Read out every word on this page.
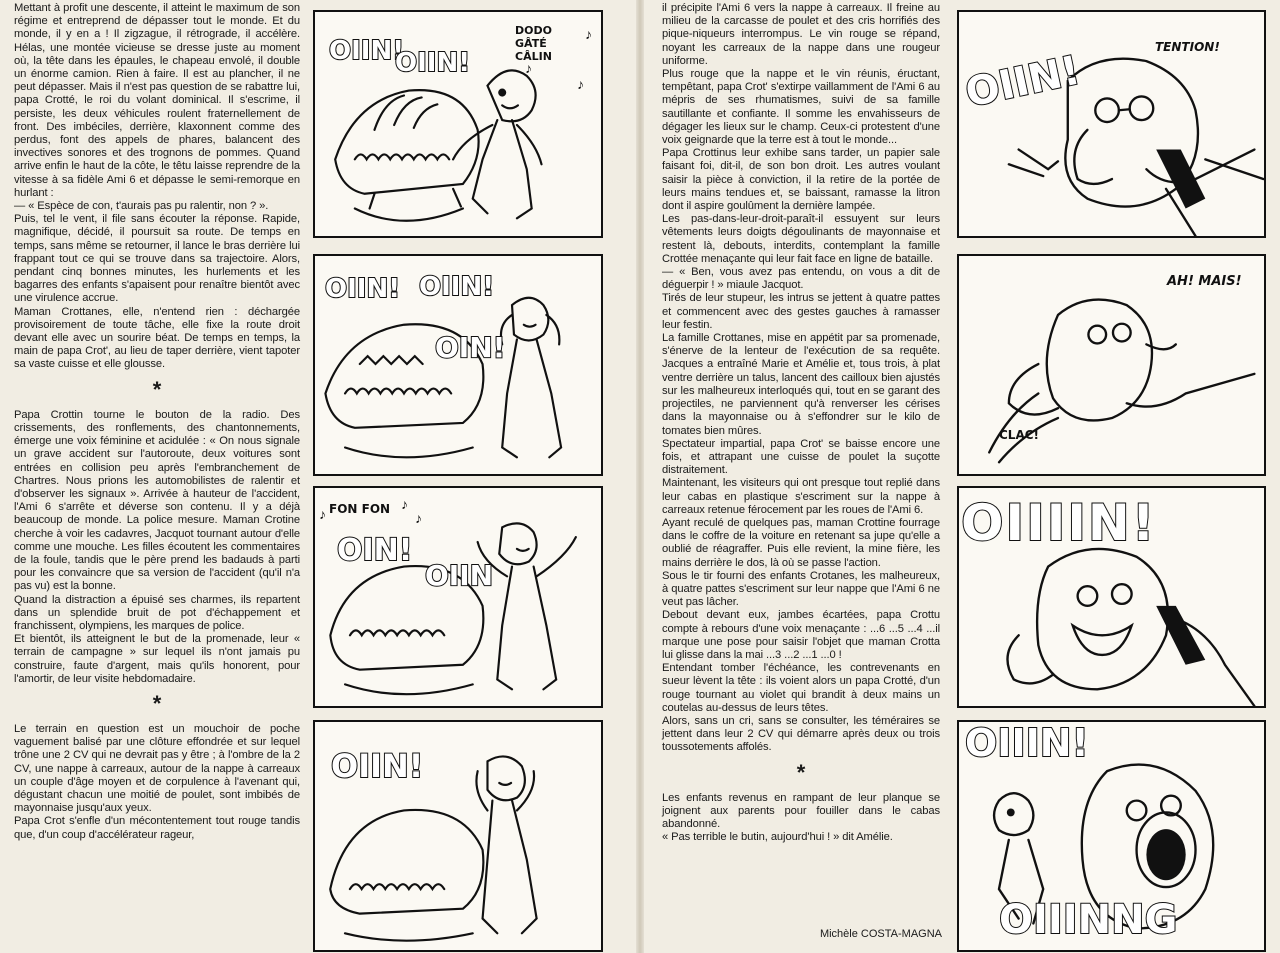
Mettant à profit une descente, il atteint le maximum de son régime et entreprend de dépasser tout le monde. Et du monde, il y en a ! Il zigzague, il rétrograde, il accélère. Hélas, une montée vicieuse se dresse juste au moment où, la tête dans les épaules, le chapeau envolé, il double un énorme camion. Rien à faire. Il est au plancher, il ne peut dépasser. Mais il n'est pas question de se rabattre lui, papa Crotté, le roi du volant dominical. Il s'escrime, il persiste, les deux véhicules roulent fraternellement de front. Des imbéciles, derrière, klaxonnent comme des perdus, font des appels de phares, balancent des invectives sonores et des trognons de pommes. Quand arrive enfin le haut de la côte, le têtu laisse reprendre de la vitesse à sa fidèle Ami 6 et dépasse le semi-remorque en hurlant :

— « Espèce de con, t'aurais pas pu ralentir, non ? ».

Puis, tel le vent, il file sans écouter la réponse. Rapide, magnifique, décidé, il poursuit sa route. De temps en temps, sans même se retourner, il lance le bras derrière lui frappant tout ce qui se trouve dans sa trajectoire. Alors, pendant cinq bonnes minutes, les hurlements et les bagarres des enfants s'apaisent pour renaître bientôt avec une virulence accrue.

Maman Crottanes, elle, n'entend rien : déchargée provisoirement de toute tâche, elle fixe la route droit devant elle avec un sourire béat. De temps en temps, la main de papa Crot', au lieu de taper derrière, vient tapoter sa vaste cuisse et elle glousse.

*

Papa Crottin tourne le bouton de la radio. Des crissements, des ronflements, des chantonnements, émerge une voix féminine et acidulée : « On nous signale un grave accident sur l'autoroute, deux voitures sont entrées en collision peu après l'embranchement de Chartres. Nous prions les automobilistes de ralentir et d'observer les signaux ». Arrivée à hauteur de l'accident, l'Ami 6 s'arrête et déverse son contenu. Il y a déjà beaucoup de monde. La police mesure. Maman Crotine cherche à voir les cadavres, Jacquot tournant autour d'elle comme une mouche. Les filles écoutent les commentaires de la foule, tandis que le père prend les badauds à parti pour les convaincre que sa version de l'accident (qu'il n'a pas vu) est la bonne.

Quand la distraction a épuisé ses charmes, ils repartent dans un splendide bruit de pot d'échappement et franchissent, olympiens, les marques de police.

Et bientôt, ils atteignent le but de la promenade, leur « terrain de campagne » sur lequel ils n'ont jamais pu construire, faute d'argent, mais qu'ils honorent, pour l'amortir, de leur visite hebdomadaire.

*

Le terrain en question est un mouchoir de poche vaguement balisé par une clôture effondrée et sur lequel trône une 2 CV qui ne devrait pas y être ; à l'ombre de la 2 CV, une nappe à carreaux, autour de la nappe à carreaux un couple d'âge moyen et de corpulence à l'avenant qui, dégustant chacun une moitié de poulet, sont imbibés de mayonnaise jusqu'aux yeux.

Papa Crot s'enfle d'un mécontentement tout rouge tandis que, d'un coup d'accélérateur rageur,

OIIN!
OIIN!
DODO GÂTÉ CÂLIN
♪
♪
♪
OIIN! OIIN!
OIN!
FON FON
♪
♪
♪
OIN!
OIIN
OIIN!

il précipite l'Ami 6 vers la nappe à carreaux. Il freine au milieu de la carcasse de poulet et des cris horrifiés des pique-niqueurs interrompus. Le vin rouge se répand, noyant les carreaux de la nappe dans une rougeur uniforme.

Plus rouge que la nappe et le vin réunis, éructant, tempêtant, papa Crot' s'extirpe vaillamment de l'Ami 6 au mépris de ses rhumatismes, suivi de sa famille sautillante et confiante. Il somme les envahisseurs de dégager les lieux sur le champ. Ceux-ci protestent d'une voix geignarde que la terre est à tout le monde...

Papa Crottinus leur exhibe sans tarder, un papier sale faisant foi, dit-il, de son bon droit. Les autres voulant saisir la pièce à conviction, il la retire de la portée de leurs mains tendues et, se baissant, ramasse la litron dont il aspire goulûment la dernière lampée.

Les pas-dans-leur-droit-paraît-il essuyent sur leurs vêtements leurs doigts dégoulinants de mayonnaise et restent là, debouts, interdits, contemplant la famille Crottée menaçante qui leur fait face en ligne de bataille.

— « Ben, vous avez pas entendu, on vous a dit de déguerpir ! » miaule Jacquot.

Tirés de leur stupeur, les intrus se jettent à quatre pattes et commencent avec des gestes gauches à ramasser leur festin.

La famille Crottanes, mise en appétit par sa promenade, s'énerve de la lenteur de l'exécution de sa requête. Jacques a entraîné Marie et Amélie et, tous trois, à plat ventre derrière un talus, lancent des cailloux bien ajustés sur les malheureux interloqués qui, tout en se garant des projectiles, ne parviennent qu'à renverser les cérises dans la mayonnaise ou à s'effondrer sur le kilo de tomates bien mûres.

Spectateur impartial, papa Crot' se baisse encore une fois, et attrapant une cuisse de poulet la suçotte distraitement.

Maintenant, les visiteurs qui ont presque tout replié dans leur cabas en plastique s'escriment sur la nappe à carreaux retenue férocement par les roues de l'Ami 6.

Ayant reculé de quelques pas, maman Crottine fourrage dans le coffre de la voiture en retenant sa jupe qu'elle a oublié de réagraffer. Puis elle revient, la mine fière, les mains derrière le dos, là où se passe l'action.

Sous le tir fourni des enfants Crotanes, les malheureux, à quatre pattes s'escriment sur leur nappe que l'Ami 6 ne veut pas lâcher.

Debout devant eux, jambes écartées, papa Crottu compte à rebours d'une voix menaçante : ...6 ...5 ...4 ...il marque une pose pour saisir l'objet que maman Crotta lui glisse dans la mai ...3 ...2 ...1 ...0 !

Entendant tomber l'échéance, les contrevenants en sueur lèvent la tête : ils voient alors un papa Crotté, d'un rouge tournant au violet qui brandit à deux mains un coutelas au-dessus de leurs têtes.

Alors, sans un cri, sans se consulter, les téméraires se jettent dans leur 2 CV qui démarre après deux ou trois toussotements affolés.

*

Les enfants revenus en rampant de leur planque se joignent aux parents pour fouiller dans le cabas abandonné.

« Pas terrible le butin, aujourd'hui ! » dit Amélie.

Michèle COSTA-MAGNA
OIIN!
TENTION!
AH! MAIS!
CLAC!
OIIIIN!
OIIIN!
OIIINNG
